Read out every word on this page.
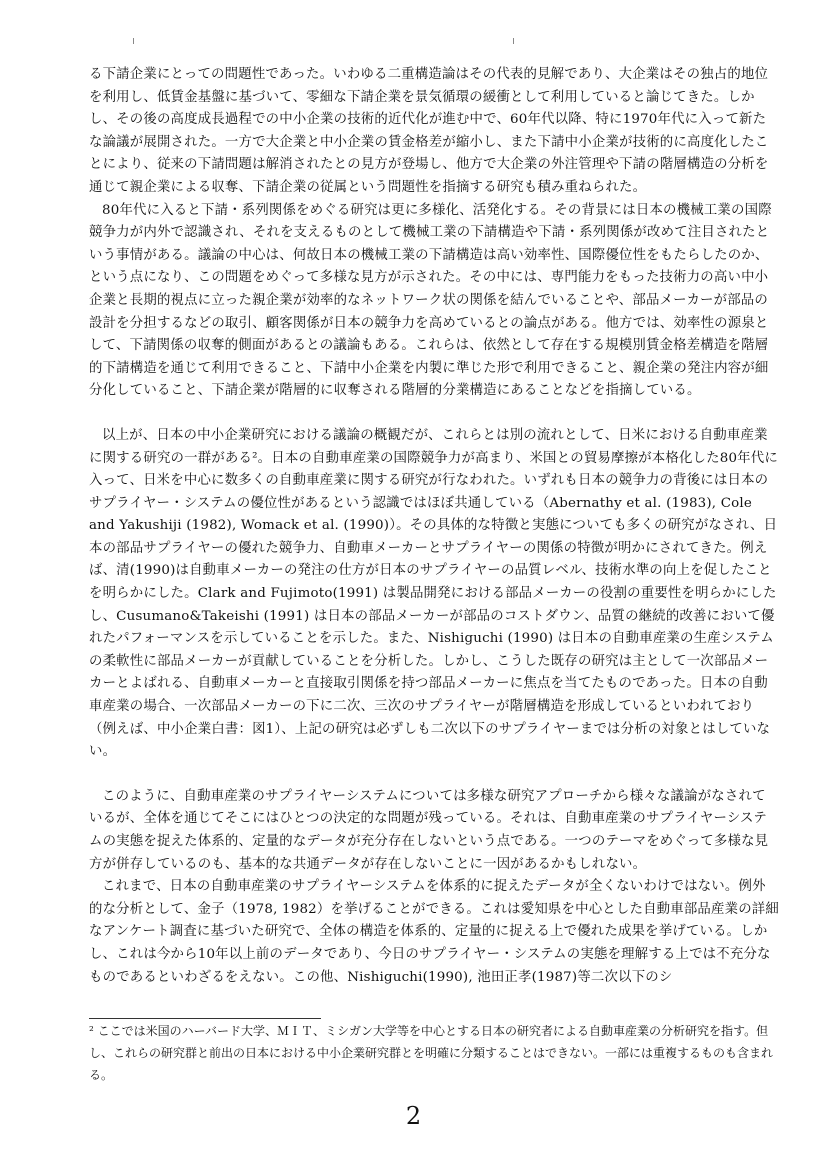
る下請企業にとっての問題性であった。いわゆる二重構造論はその代表的見解であり、大企業はその独占的地位を利用し、低賃金基盤に基づいて、零細な下請企業を景気循環の緩衝として利用していると論じてきた。しかし、その後の高度成長過程での中小企業の技術的近代化が進む中で、60年代以降、特に1970年代に入って新たな論議が展開された。一方で大企業と中小企業の賃金格差が縮小し、また下請中小企業が技術的に高度化したことにより、従来の下請問題は解消されたとの見方が登場し、他方で大企業の外注管理や下請の階層構造の分析を通じて親企業による収奪、下請企業の従属という問題性を指摘する研究も積み重ねられた。

80年代に入ると下請・系列関係をめぐる研究は更に多様化、活発化する。その背景には日本の機械工業の国際競争力が内外で認識され、それを支えるものとして機械工業の下請構造や下請・系列関係が改めて注目されたという事情がある。議論の中心は、何故日本の機械工業の下請構造は高い効率性、国際優位性をもたらしたのか、という点になり、この問題をめぐって多様な見方が示された。その中には、専門能力をもった技術力の高い中小企業と長期的視点に立った親企業が効率的なネットワーク状の関係を結んでいることや、部品メーカーが部品の設計を分担するなどの取引、顧客関係が日本の競争力を高めているとの論点がある。他方では、効率性の源泉として、下請関係の収奪的側面があるとの議論もある。これらは、依然として存在する規模別賃金格差構造を階層的下請構造を通じて利用できること、下請中小企業を内製に準じた形で利用できること、親企業の発注内容が細分化していること、下請企業が階層的に収奪される階層的分業構造にあることなどを指摘している。

以上が、日本の中小企業研究における議論の概観だが、これらとは別の流れとして、日米における自動車産業に関する研究の一群がある²。日本の自動車産業の国際競争力が高まり、米国との貿易摩擦が本格化した80年代に入って、日米を中心に数多くの自動車産業に関する研究が行なわれた。いずれも日本の競争力の背後には日本のサプライヤー・システムの優位性があるという認識ではほぼ共通している（Abernathy et al. (1983), Cole and Yakushiji (1982), Womack et al. (1990)）。その具体的な特徴と実態についても多くの研究がなされ、日本の部品サプライヤーの優れた競争力、自動車メーカーとサプライヤーの関係の特徴が明かにされてきた。例えば、清(1990)は自動車メーカーの発注の仕方が日本のサプライヤーの品質レベル、技術水準の向上を促したことを明らかにした。Clark and Fujimoto(1991) は製品開発における部品メーカーの役割の重要性を明らかにしたし、Cusumano&Takeishi (1991) は日本の部品メーカーが部品のコストダウン、品質の継続的改善において優れたパフォーマンスを示していることを示した。また、Nishiguchi (1990) は日本の自動車産業の生産システムの柔軟性に部品メーカーが貢献していることを分析した。しかし、こうした既存の研究は主として一次部品メーカーとよばれる、自動車メーカーと直接取引関係を持つ部品メーカーに焦点を当てたものであった。日本の自動車産業の場合、一次部品メーカーの下に二次、三次のサプライヤーが階層構造を形成しているといわれており（例えば、中小企業白書：図1）、上記の研究は必ずしも二次以下のサプライヤーまでは分析の対象とはしていない。

このように、自動車産業のサプライヤーシステムについては多様な研究アプローチから様々な議論がなされているが、全体を通じてそこにはひとつの決定的な問題が残っている。それは、自動車産業のサプライヤーシステムの実態を捉えた体系的、定量的なデータが充分存在しないという点である。一つのテーマをめぐって多様な見方が併存しているのも、基本的な共通データが存在しないことに一因があるかもしれない。

これまで、日本の自動車産業のサプライヤーシステムを体系的に捉えたデータが全くないわけではない。例外的な分析として、金子（1978, 1982）を挙げることができる。これは愛知県を中心とした自動車部品産業の詳細なアンケート調査に基づいた研究で、全体の構造を体系的、定量的に捉える上で優れた成果を挙げている。しかし、これは今から10年以上前のデータであり、今日のサプライヤー・システムの実態を理解する上では不充分なものであるといわざるをえない。この他、Nishiguchi(1990), 池田正孝(1987)等二次以下のシ

² ここでは米国のハーバード大学、ＭＩＴ、ミシガン大学等を中心とする日本の研究者による自動車産業の分析研究を指す。但し、これらの研究群と前出の日本における中小企業研究群とを明確に分類することはできない。一部には重複するものも含まれる。

2
